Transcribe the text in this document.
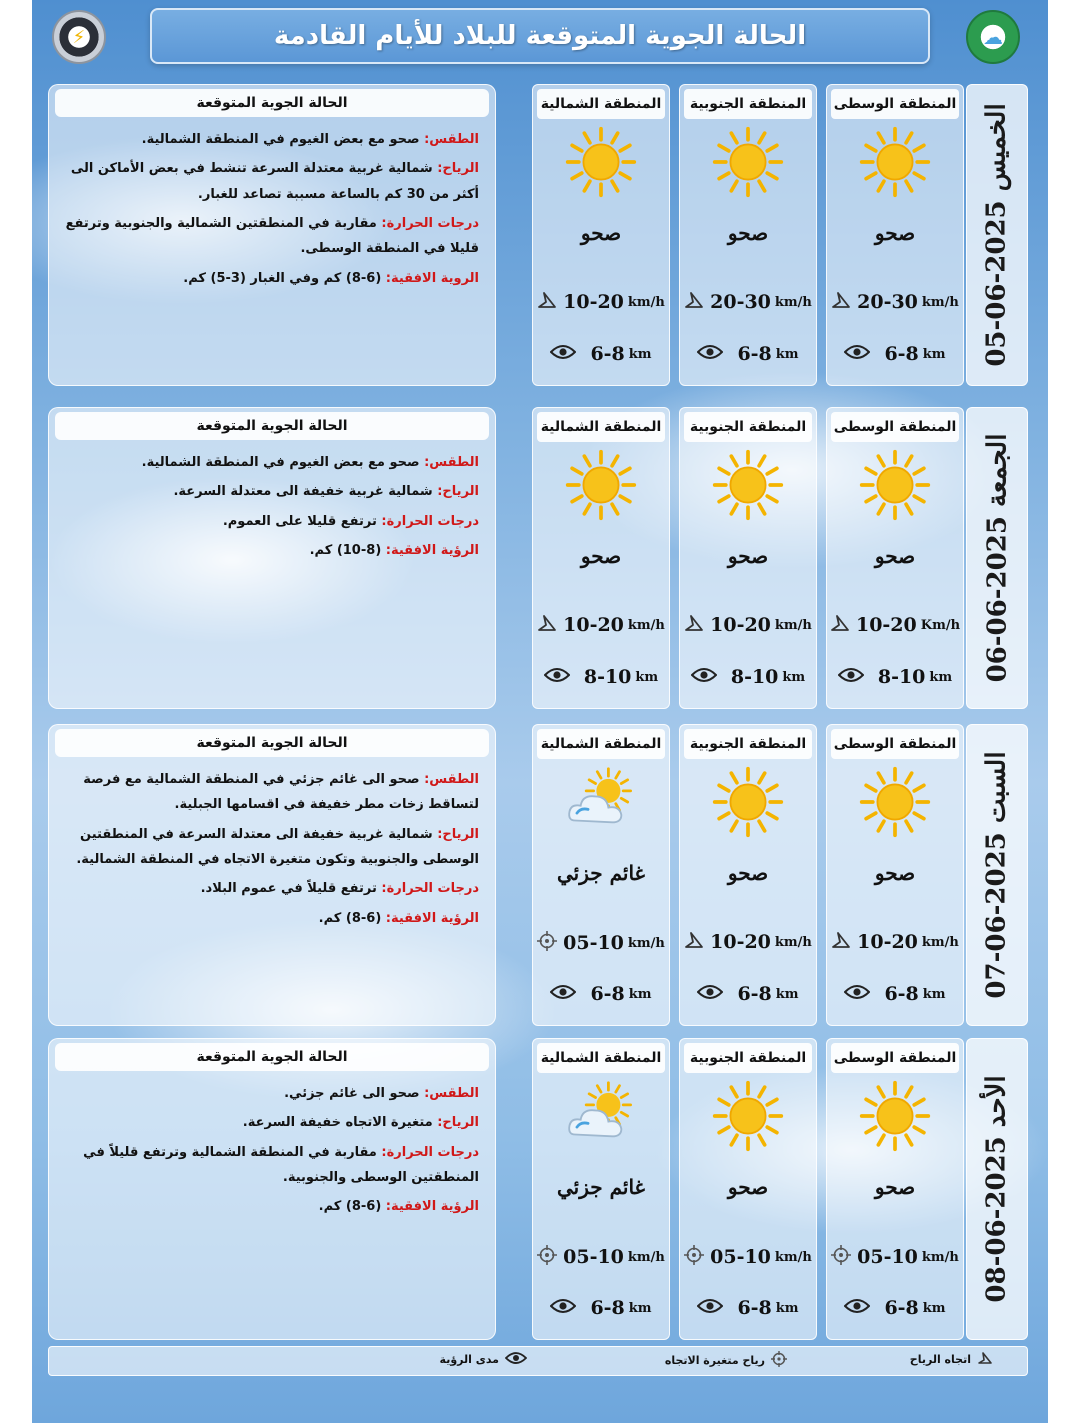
⚡	الحالة الجوية المتوقعة للبلاد للأيام القادمة	☁
الخميس 2025-06-05
المنطقة الوسطى
صحو
20-30 km/h
6-8 km
المنطقة الجنوبية
صحو
20-30 km/h
6-8 km
المنطقة الشمالية
صحو
10-20 km/h
6-8 km
الحالة الجوية المتوقعة

الطقس: صحو مع بعض الغيوم في المنطقة الشمالية.

الرياح: شمالية غربية معتدلة السرعة تنشط في بعض الأماكن الى أكثر من 30 كم بالساعة مسببة تصاعد للغبار.

درجات الحرارة: مقاربة في المنطقتين الشمالية والجنوبية وترتفع قليلا في المنطقة الوسطى.

الروية الافقية: (6-8) كم وفي الغبار (3-5) كم.

الجمعة 2025-06-06
المنطقة الوسطى
صحو
10-20 Km/h
8-10 km
المنطقة الجنوبية
صحو
10-20 km/h
8-10 km
المنطقة الشمالية
صحو
10-20 km/h
8-10 km
الحالة الجوية المتوقعة

الطقس: صحو مع بعض الغيوم في المنطقة الشمالية.

الرياح: شمالية غربية خفيفة الى معتدلة السرعة.

درجات الحرارة: ترتفع قليلا على العموم.

الرؤية الافقية: (8-10) كم.

السبت 2025-06-07
المنطقة الوسطى
صحو
10-20 km/h
6-8 km
المنطقة الجنوبية
صحو
10-20 km/h
6-8 km
المنطقة الشمالية
غائم جزئي
05-10 km/h
6-8 km
الحالة الجوية المتوقعة

الطقس: صحو الى غائم جزئي في المنطقة الشمالية مع فرصة لتساقط زخات مطر خفيفة في اقسامها الجبلية.

الرياح: شمالية غربية خفيفة الى معتدلة السرعة في المنطقتين الوسطى والجنوبية وتكون متغيرة الاتجاه في المنطقة الشمالية.

درجات الحرارة: ترتفع قليلاً في عموم البلاد.

الرؤية الافقية: (6-8) كم.

الأحد 2025-06-08
المنطقة الوسطى
صحو
05-10 km/h
6-8 km
المنطقة الجنوبية
صحو
05-10 km/h
6-8 km
المنطقة الشمالية
غائم جزئي
05-10 km/h
6-8 km
الحالة الجوية المتوقعة

الطقس: صحو الى غائم جزئي.

الرياح: متغيرة الاتجاه خفيفة السرعة.

درجات الحرارة: مقاربة في المنطقة الشمالية وترتفع قليلاً في المنطقتين الوسطى والجنوبية.

الرؤية الافقية: (6-8) كم.

اتجاه الرياح
رياح متغيرة الاتجاه
مدى الرؤية
